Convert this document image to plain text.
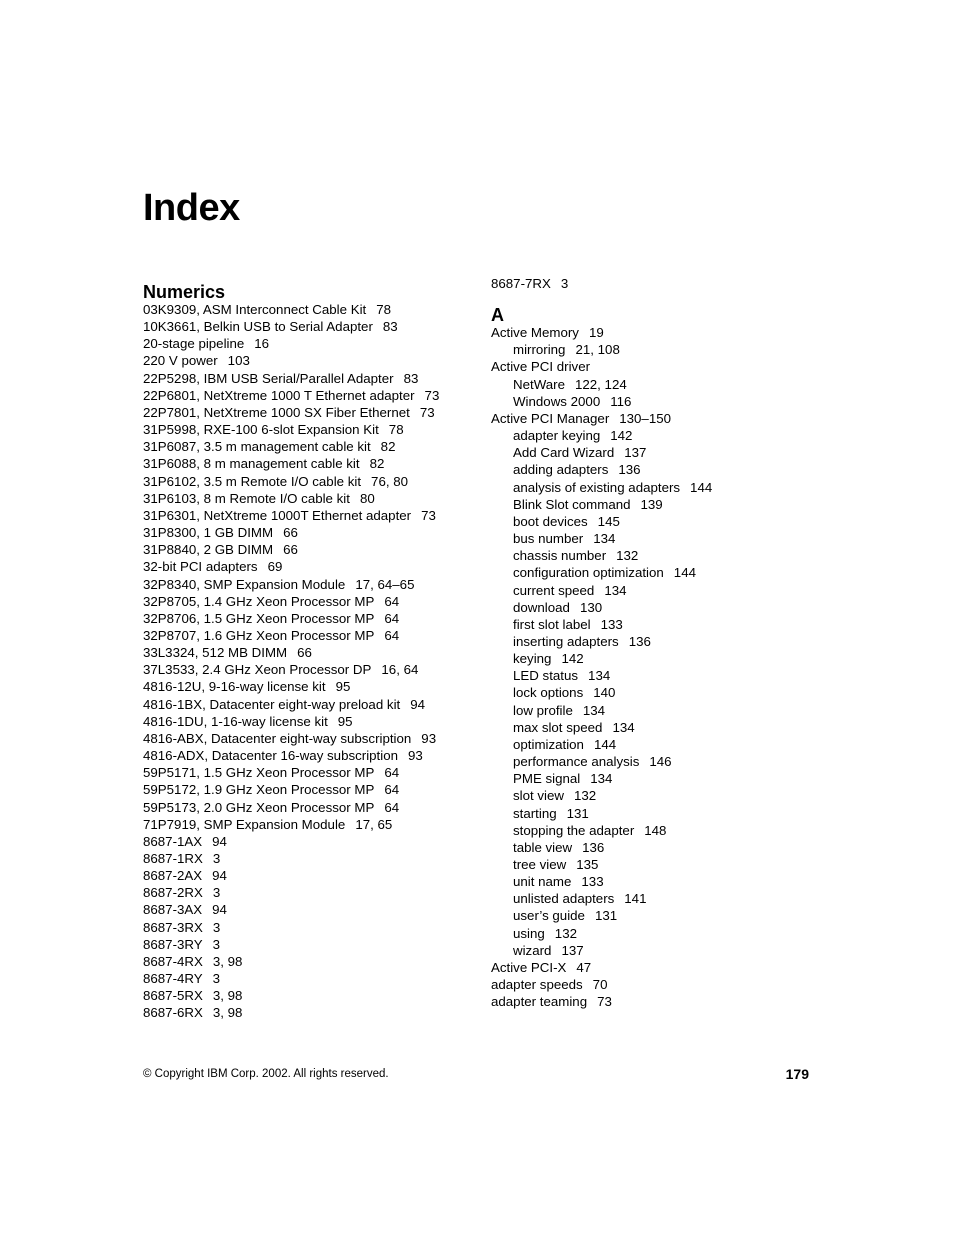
Index
Numerics
03K9309, ASM Interconnect Cable Kit 78
10K3661, Belkin USB to Serial Adapter 83
20-stage pipeline 16
220 V power 103
22P5298, IBM USB Serial/Parallel Adapter 83
22P6801, NetXtreme 1000 T Ethernet adapter 73
22P7801, NetXtreme 1000 SX Fiber Ethernet 73
31P5998, RXE-100 6-slot Expansion Kit 78
31P6087, 3.5 m management cable kit 82
31P6088, 8 m management cable kit 82
31P6102, 3.5 m Remote I/O cable kit 76, 80
31P6103, 8 m Remote I/O cable kit 80
31P6301, NetXtreme 1000T Ethernet adapter 73
31P8300, 1 GB DIMM 66
31P8840, 2 GB DIMM 66
32-bit PCI adapters 69
32P8340, SMP Expansion Module 17, 64–65
32P8705, 1.4 GHz Xeon Processor MP 64
32P8706, 1.5 GHz Xeon Processor MP 64
32P8707, 1.6 GHz Xeon Processor MP 64
33L3324, 512 MB DIMM 66
37L3533, 2.4 GHz Xeon Processor DP 16, 64
4816-12U, 9-16-way license kit 95
4816-1BX, Datacenter eight-way preload kit 94
4816-1DU, 1-16-way license kit 95
4816-ABX, Datacenter eight-way subscription 93
4816-ADX, Datacenter 16-way subscription 93
59P5171, 1.5 GHz Xeon Processor MP 64
59P5172, 1.9 GHz Xeon Processor MP 64
59P5173, 2.0 GHz Xeon Processor MP 64
71P7919, SMP Expansion Module 17, 65
8687-1AX 94
8687-1RX 3
8687-2AX 94
8687-2RX 3
8687-3AX 94
8687-3RX 3
8687-3RY 3
8687-4RX 3, 98
8687-4RY 3
8687-5RX 3, 98
8687-6RX 3, 98
8687-7RX 3
A
Active Memory 19
mirroring 21, 108
Active PCI driver
NetWare 122, 124
Windows 2000 116
Active PCI Manager 130–150
adapter keying 142
Add Card Wizard 137
adding adapters 136
analysis of existing adapters 144
Blink Slot command 139
boot devices 145
bus number 134
chassis number 132
configuration optimization 144
current speed 134
download 130
first slot label 133
inserting adapters 136
keying 142
LED status 134
lock options 140
low profile 134
max slot speed 134
optimization 144
performance analysis 146
PME signal 134
slot view 132
starting 131
stopping the adapter 148
table view 136
tree view 135
unit name 133
unlisted adapters 141
user’s guide 131
using 132
wizard 137
Active PCI-X 47
adapter speeds 70
adapter teaming 73
© Copyright IBM Corp. 2002. All rights reserved.	179
